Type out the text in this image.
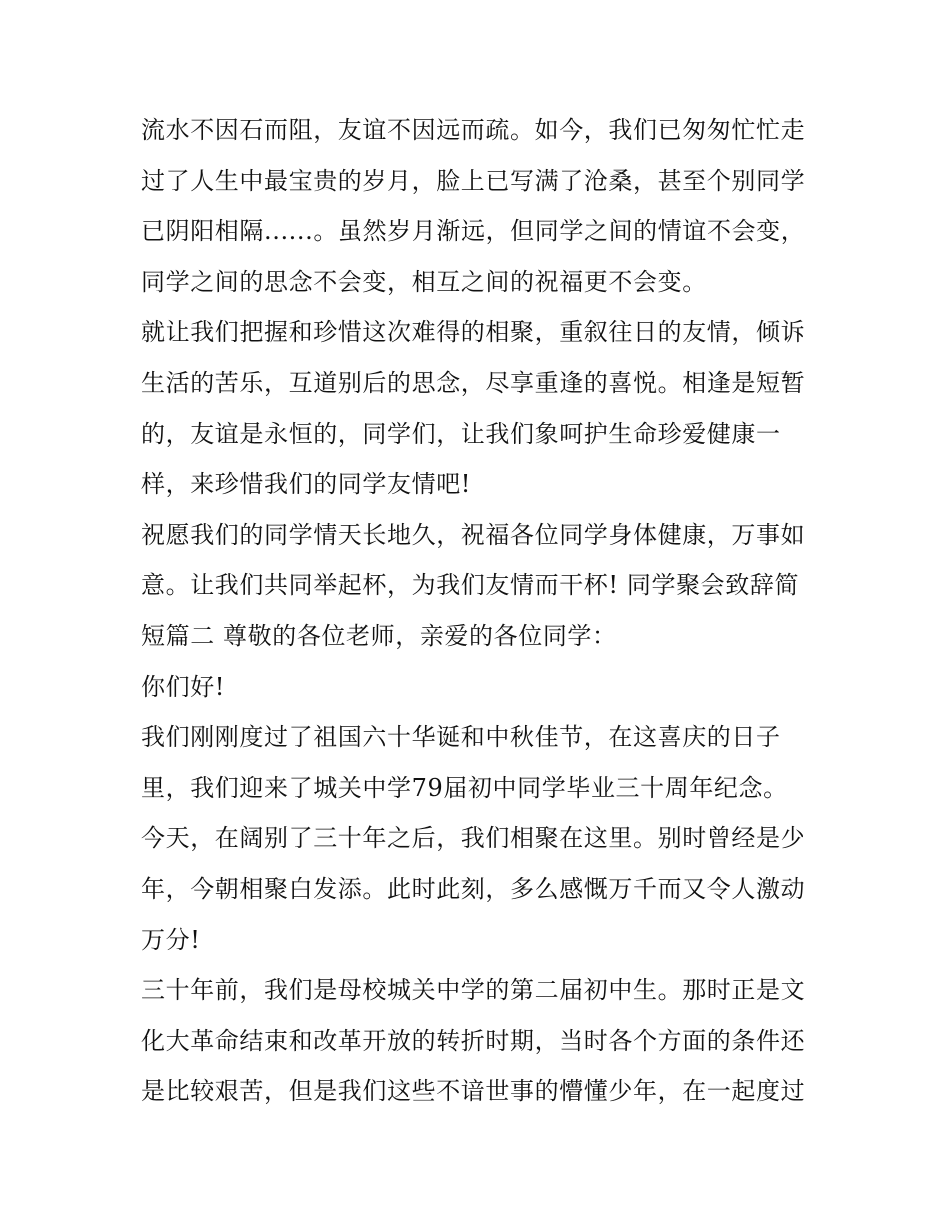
流水不因石而阻，友谊不因远而疏。如今，我们已匆匆忙忙走
过了人生中最宝贵的岁月，脸上已写满了沧桑，甚至个别同学
已阴阳相隔......。虽然岁月渐远，但同学之间的情谊不会变，
同学之间的思念不会变，相互之间的祝福更不会变。
就让我们把握和珍惜这次难得的相聚，重叙往日的友情，倾诉
生活的苦乐，互道别后的思念，尽享重逢的喜悦。相逢是短暂
的，友谊是永恒的，同学们，让我们象呵护生命珍爱健康一
样，来珍惜我们的同学友情吧!
祝愿我们的同学情天长地久，祝福各位同学身体健康，万事如
意。让我们共同举起杯，为我们友情而干杯! 同学聚会致辞简
短篇二 尊敬的各位老师，亲爱的各位同学：
你们好!
我们刚刚度过了祖国六十华诞和中秋佳节，在这喜庆的日子
里，我们迎来了城关中学79届初中同学毕业三十周年纪念。
今天，在阔别了三十年之后，我们相聚在这里。别时曾经是少
年，今朝相聚白发添。此时此刻，多么感慨万千而又令人激动
万分!
三十年前，我们是母校城关中学的第二届初中生。那时正是文
化大革命结束和改革开放的转折时期，当时各个方面的条件还
是比较艰苦，但是我们这些不谙世事的懵懂少年，在一起度过
